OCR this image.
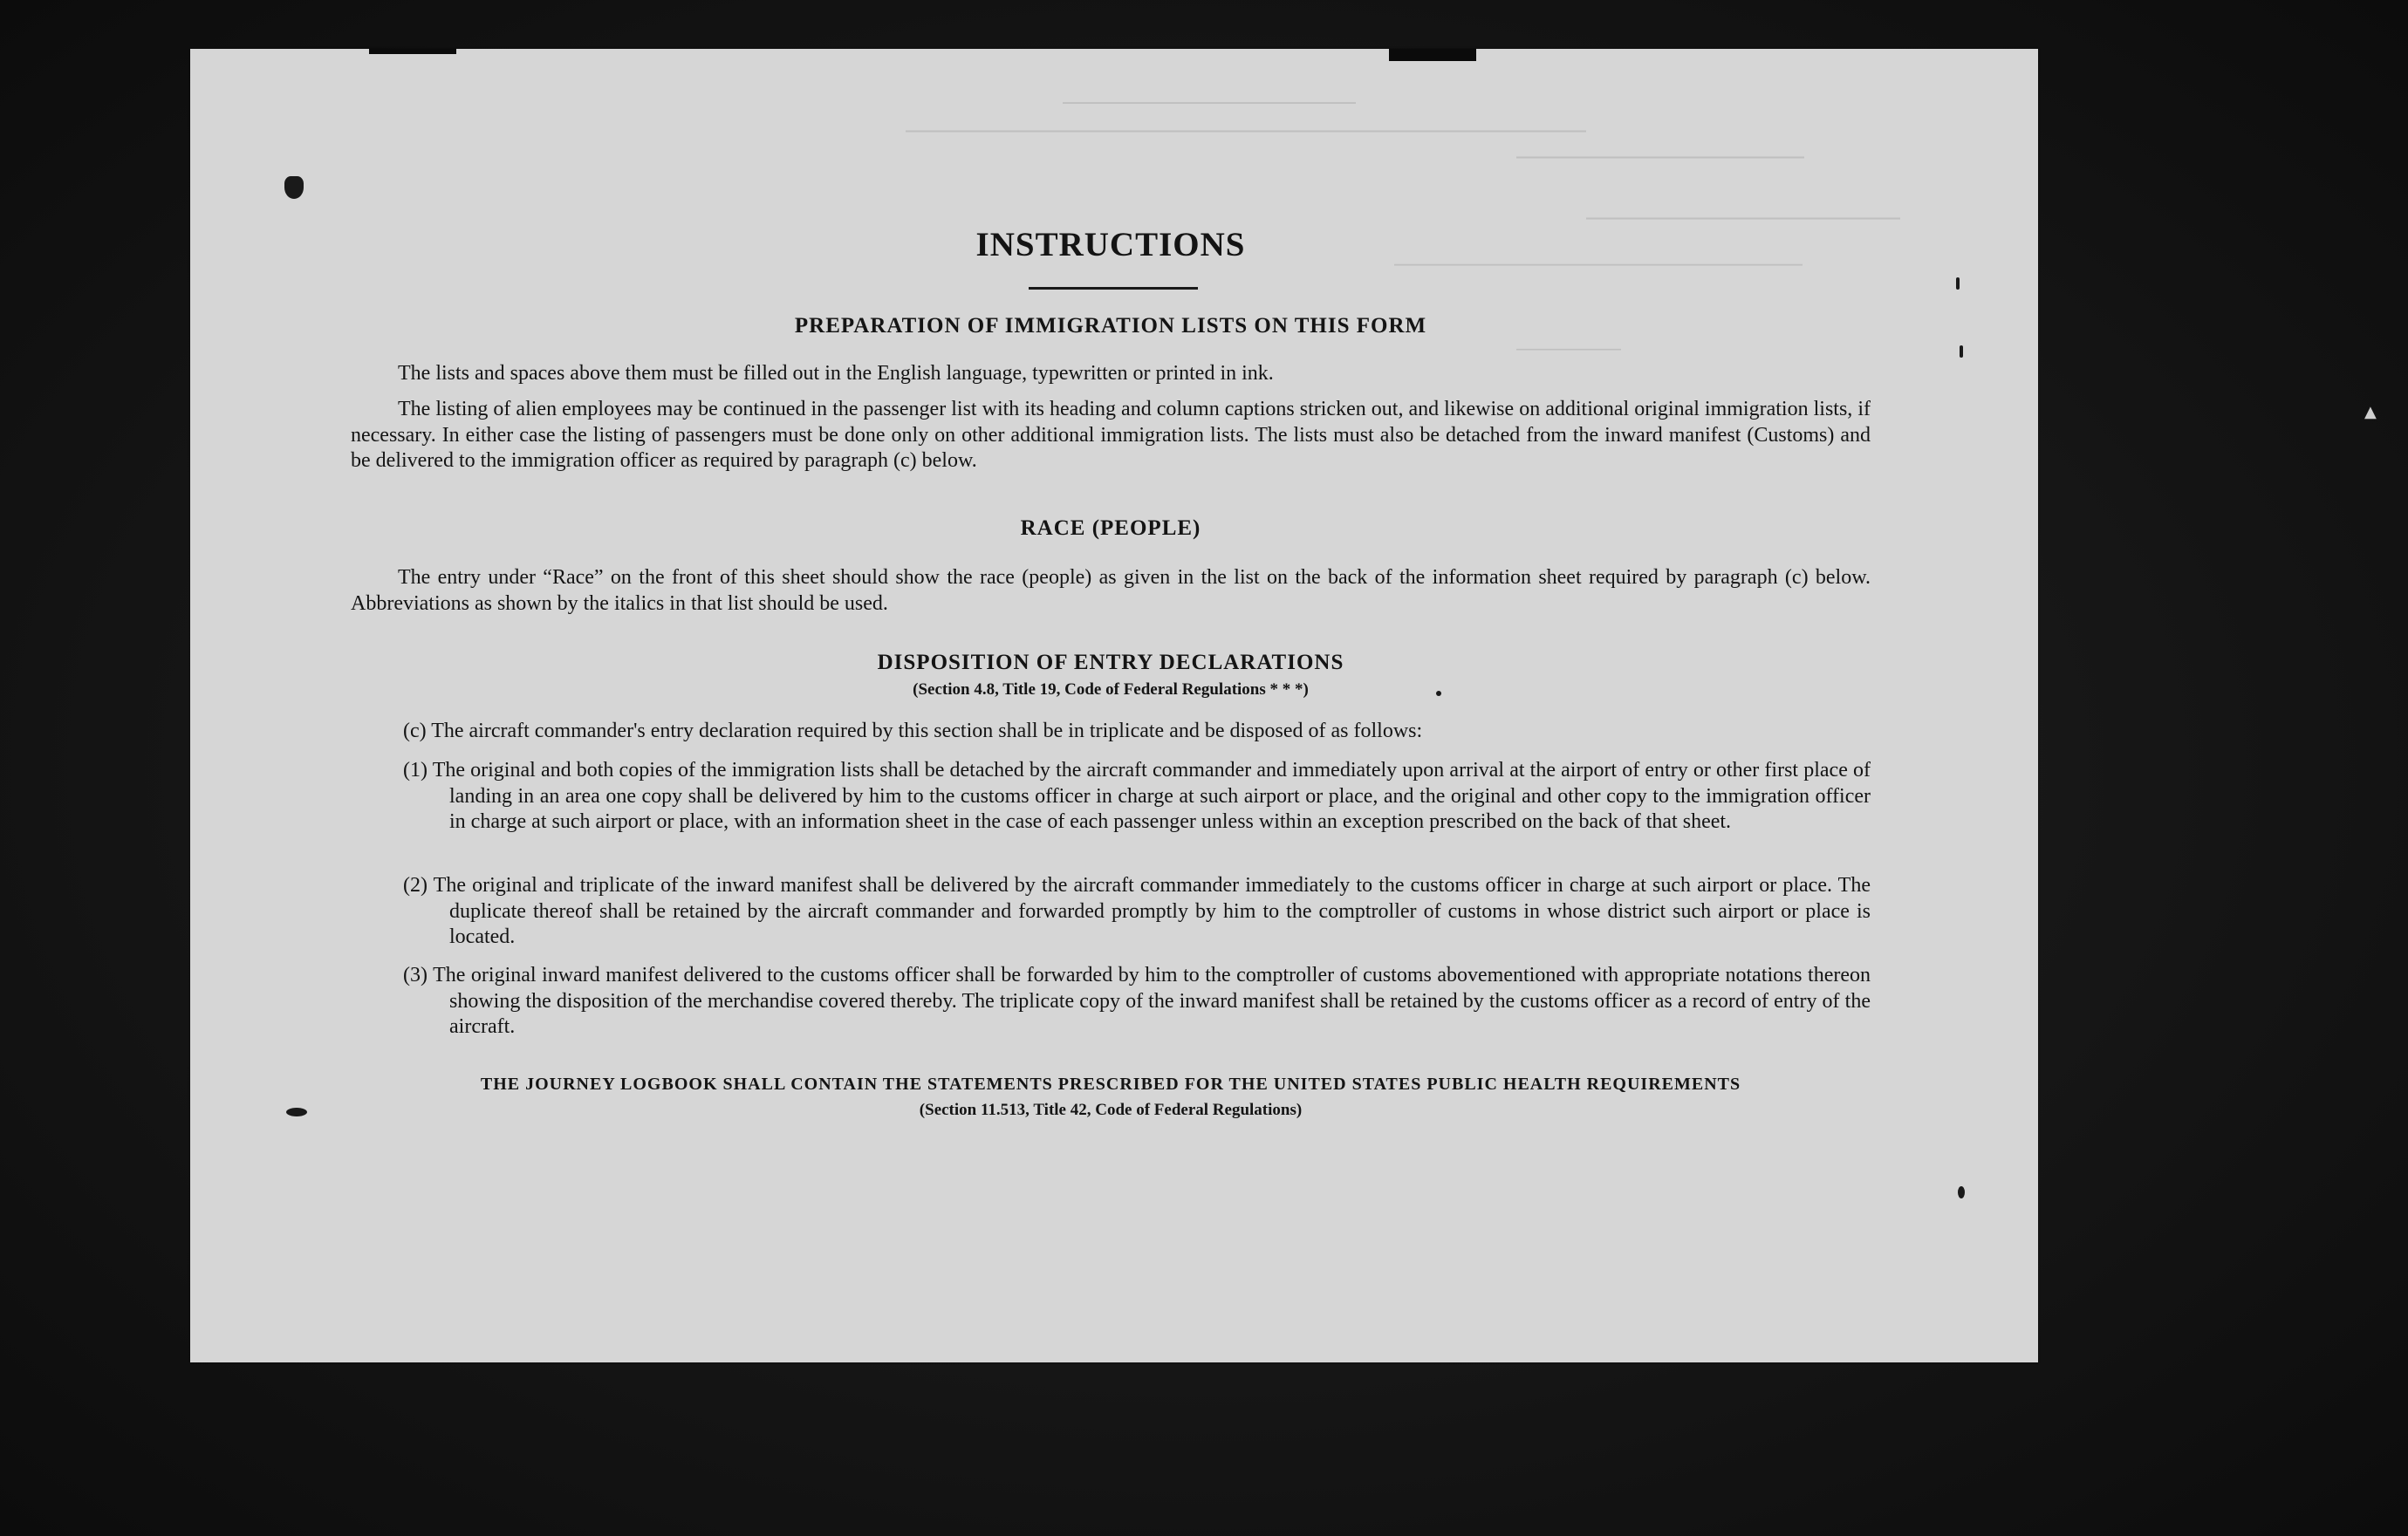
▲
————————————
——————————————————————————
———————————
————————————
——————————————————
—————
INSTRUCTIONS
PREPARATION OF IMMIGRATION LISTS ON THIS FORM
The lists and spaces above them must be filled out in the English language, typewritten or printed in ink.
The listing of alien employees may be continued in the passenger list with its heading and column captions stricken out, and likewise on additional original immigration lists, if necessary. In either case the listing of passengers must be done only on other additional immigration lists. The lists must also be detached from the inward manifest (Customs) and be delivered to the immigration officer as required by paragraph (c) below.
RACE (PEOPLE)
The entry under “Race” on the front of this sheet should show the race (people) as given in the list on the back of the information sheet required by paragraph (c) below. Abbreviations as shown by the italics in that list should be used.
DISPOSITION OF ENTRY DECLARATIONS
(Section 4.8, Title 19, Code of Federal Regulations * * *)
(c) The aircraft commander's entry declaration required by this section shall be in triplicate and be disposed of as follows:
(1) The original and both copies of the immigration lists shall be detached by the aircraft commander and immediately upon arrival at the airport of entry or other first place of landing in an area one copy shall be delivered by him to the customs officer in charge at such airport or place, and the original and other copy to the immigration officer in charge at such airport or place, with an information sheet in the case of each passenger unless within an exception prescribed on the back of that sheet.
(2) The original and triplicate of the inward manifest shall be delivered by the aircraft commander immediately to the customs officer in charge at such airport or place. The duplicate thereof shall be retained by the aircraft commander and forwarded promptly by him to the comptroller of customs in whose district such airport or place is located.
(3) The original inward manifest delivered to the customs officer shall be forwarded by him to the comptroller of customs abovementioned with appropriate notations thereon showing the disposition of the merchandise covered thereby. The triplicate copy of the inward manifest shall be retained by the customs officer as a record of entry of the aircraft.
THE JOURNEY LOGBOOK SHALL CONTAIN THE STATEMENTS PRESCRIBED FOR THE UNITED STATES PUBLIC HEALTH REQUIREMENTS
(Section 11.513, Title 42, Code of Federal Regulations)
